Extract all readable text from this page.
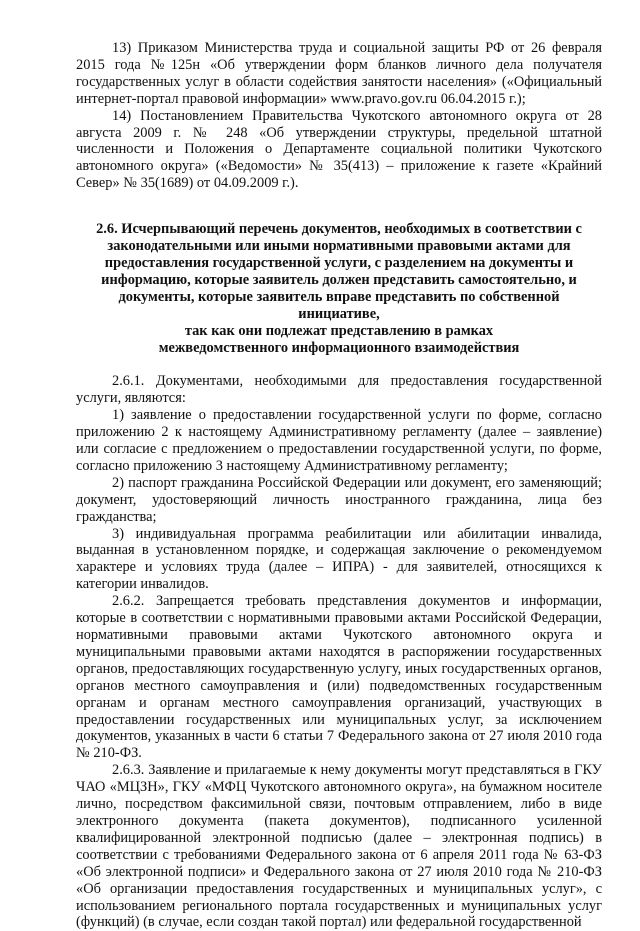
13) Приказом Министерства труда и социальной защиты РФ от 26 февраля 2015 года №125н «Об утверждении форм бланков личного дела получателя государственных услуг в области содействия занятости населения» («Официальный интернет-портал правовой информации» www.pravo.gov.ru 06.04.2015 г.);

14) Постановлением Правительства Чукотского автономного округа от 28 августа 2009 г. № 248 «Об утверждении структуры, предельной штатной численности и Положения о Департаменте социальной политики Чукотского автономного округа» («Ведомости» № 35(413) – приложение к газете «Крайний Север» № 35(1689) от 04.09.2009 г.).

2.6. Исчерпывающий перечень документов, необходимых в соответствии с
законодательными или иными нормативными правовыми актами для
предоставления государственной услуги, с разделением на документы и
информацию, которые заявитель должен представить самостоятельно, и
документы, которые заявитель вправе представить по собственной инициативе,
так как они подлежат представлению в рамках
межведомственного информационного взаимодействия

2.6.1. Документами, необходимыми для предоставления государственной услуги, являются:

1) заявление о предоставлении государственной услуги по форме, согласно приложению 2 к настоящему Административному регламенту (далее – заявление) или согласие с предложением о предоставлении государственной услуги, по форме, согласно приложению 3 настоящему Административному регламенту;

2) паспорт гражданина Российской Федерации или документ, его заменяющий; документ, удостоверяющий личность иностранного гражданина, лица без гражданства;

3) индивидуальная программа реабилитации или абилитации инвалида, выданная в установленном порядке, и содержащая заключение о рекомендуемом характере и условиях труда (далее – ИПРА) - для заявителей, относящихся к категории инвалидов.

2.6.2. Запрещается требовать представления документов и информации, которые в соответствии с нормативными правовыми актами Российской Федерации, нормативными правовыми актами Чукотского автономного округа и муниципальными правовыми актами находятся в распоряжении государственных органов, предоставляющих государственную услугу, иных государственных органов, органов местного самоуправления и (или) подведомственных государственным органам и органам местного самоуправления организаций, участвующих в предоставлении государственных или муниципальных услуг, за исключением документов, указанных в части 6 статьи 7 Федерального закона от 27 июля 2010 года № 210-ФЗ.

2.6.3. Заявление и прилагаемые к нему документы могут представляться в ГКУ ЧАО «МЦЗН», ГКУ «МФЦ Чукотского автономного округа», на бумажном носителе лично, посредством факсимильной связи, почтовым отправлением, либо в виде электронного документа (пакета документов), подписанного усиленной квалифицированной электронной подписью (далее – электронная подпись) в соответствии с требованиями Федерального закона от 6 апреля 2011 года № 63-ФЗ «Об электронной подписи» и Федерального закона от 27 июля 2010 года № 210-ФЗ «Об организации предоставления государственных и муниципальных услуг», с использованием регионального портала государственных и муниципальных услуг (функций) (в случае, если создан такой портал) или федеральной государственной
